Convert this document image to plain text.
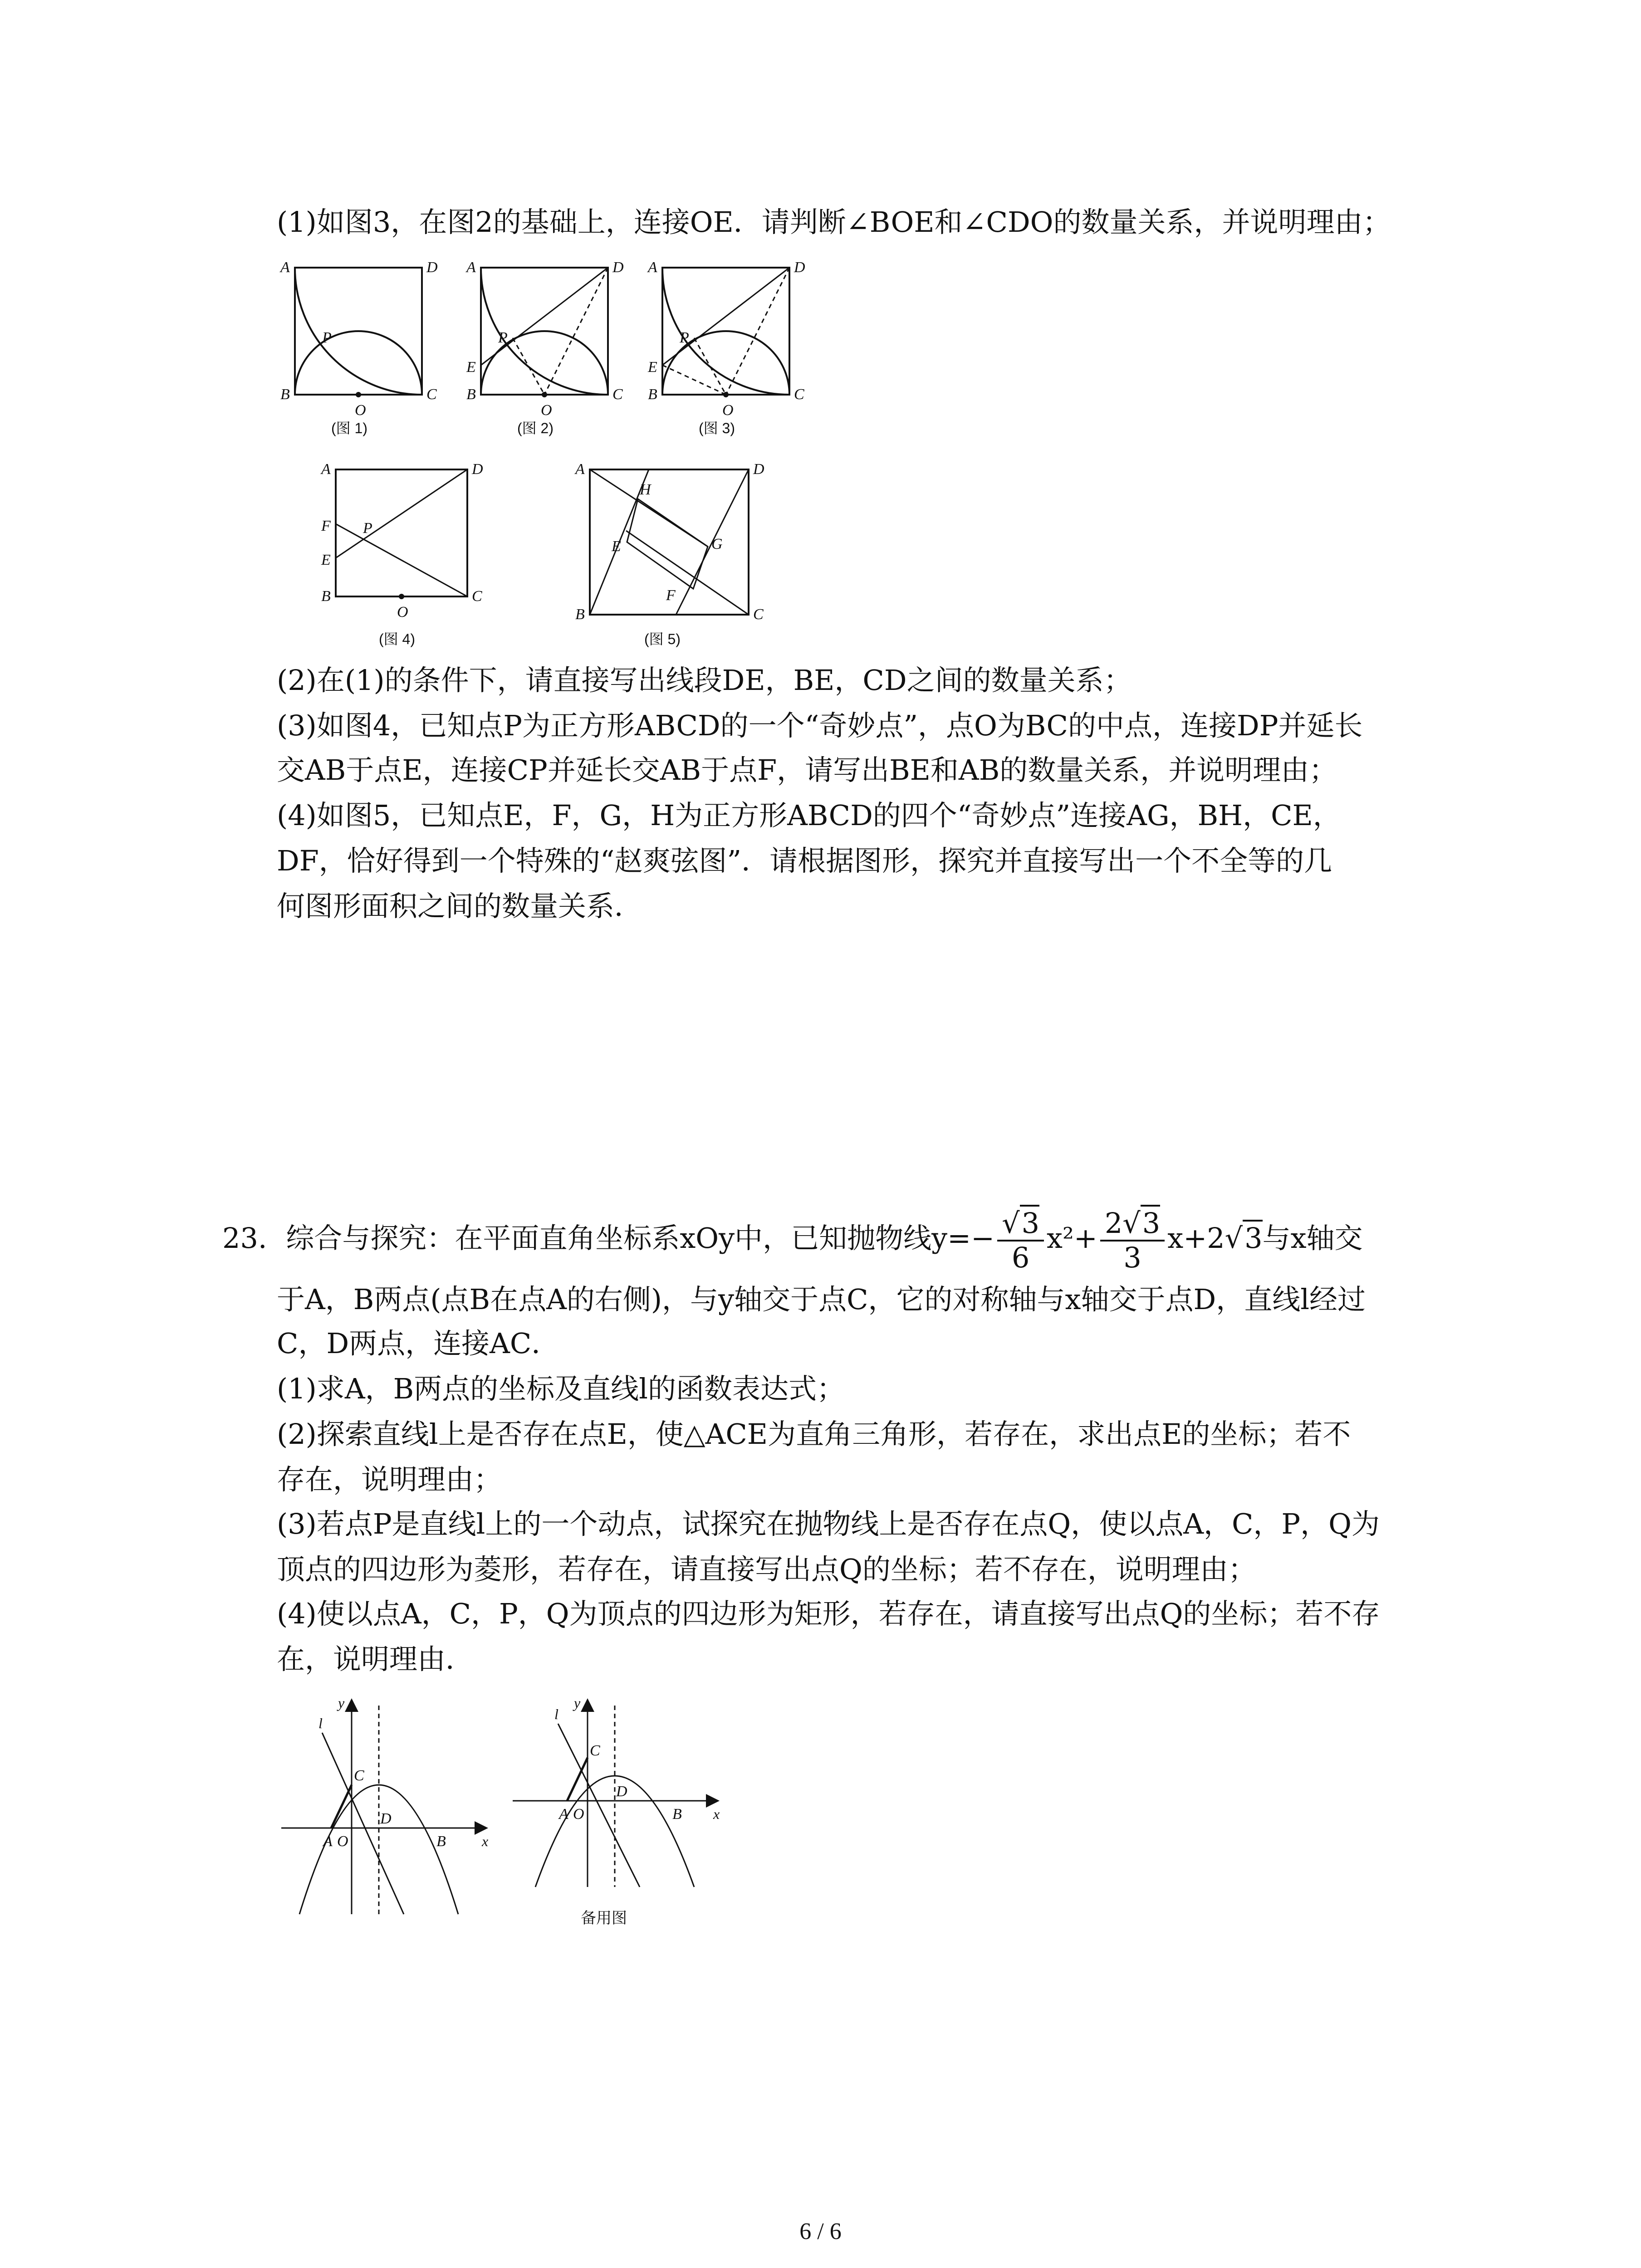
(1)如图3，在图2的基础上，连接OE．请判断∠BOE和∠CDO的数量关系，并说明理由；
A	D
B	C
P
O
(图 1)
A	D
B	C
E
P
O
(图 2)
A	D
B	C
E
P
O
(图 3)
A	D
B	C
F
E
P
O
(图 4)
A	D
B	C
H
G
E
F
(图 5)
(2)在(1)的条件下，请直接写出线段DE，BE，CD之间的数量关系；
(3)如图4，已知点P为正方形ABCD的一个“奇妙点”，点O为BC的中点，连接DP并延长
交AB于点E，连接CP并延长交AB于点F，请写出BE和AB的数量关系，并说明理由；
(4)如图5，已知点E，F，G，H为正方形ABCD的四个“奇妙点”连接AG，BH，CE，
DF，恰好得到一个特殊的“赵爽弦图”．请根据图形，探究并直接写出一个不全等的几
何图形面积之间的数量关系．
23. 综合与探究：在平面直角坐标系xOy中，已知抛物线$y=- \frac{√3}{6} x^2+ \frac{2√3}{3} x+2√3$与x轴交
于A，B两点(点B在点A的右侧)，与y轴交于点C，它的对称轴与x轴交于点D，直线l经过
C，D两点，连接AC．
(1)求A，B两点的坐标及直线l的函数表达式；
(2)探索直线l上是否存在点E，使△ACE为直角三角形，若存在，求出点E的坐标；若不
存在，说明理由；
(3)若点P是直线l上的一个动点，试探究在抛物线上是否存在点Q，使以点A，C，P，Q为
顶点的四边形为菱形，若存在，请直接写出点Q的坐标；若不存在，说明理由；
(4)使以点A，C，P，Q为顶点的四边形为矩形，若存在，请直接写出点Q的坐标；若不存
在，说明理由．
x
y
l
C
D
A O	B
x
y
l
C
D
A O	B
备用图
6 / 6
